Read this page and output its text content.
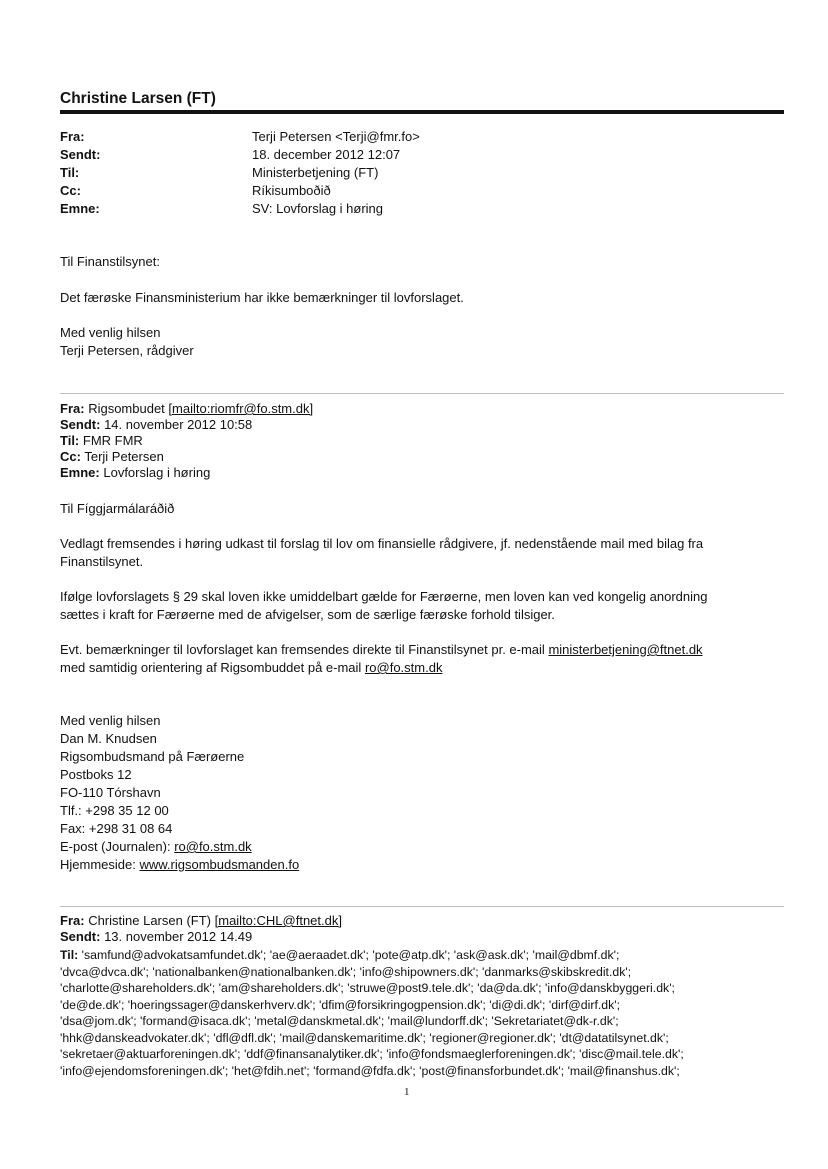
Christine Larsen (FT)
Fra:	Terji Petersen <Terji@fmr.fo>
Sendt:	18. december 2012 12:07
Til:	Ministerbetjening (FT)
Cc:	Ríkisumboðið
Emne:	SV: Lovforslag i høring
Til Finanstilsynet:
Det færøske Finansministerium har ikke bemærkninger til lovforslaget.
Med venlig hilsen
Terji Petersen, rådgiver
Fra: Rigsombudet [mailto:riomfr@fo.stm.dk]
Sendt: 14. november 2012 10:58
Til: FMR FMR
Cc: Terji Petersen
Emne: Lovforslag i høring
Til Fíggjarmálaráðið
Vedlagt fremsendes i høring udkast til forslag til lov om finansielle rådgivere, jf. nedenstående mail med bilag fra
Finanstilsynet.
Ifølge lovforslagets § 29 skal loven ikke umiddelbart gælde for Færøerne, men loven kan ved kongelig anordning
sættes i kraft for Færøerne med de afvigelser, som de særlige færøske forhold tilsiger.
Evt. bemærkninger til lovforslaget kan fremsendes direkte til Finanstilsynet pr. e-mail ministerbetjening@ftnet.dk
med samtidig orientering af Rigsombuddet på e-mail ro@fo.stm.dk
Med venlig hilsen
Dan M. Knudsen
Rigsombudsmand på Færøerne
Postboks 12
FO-110 Tórshavn
Tlf.: +298 35 12 00
Fax: +298 31 08 64
E-post (Journalen): ro@fo.stm.dk
Hjemmeside: www.rigsombudsmanden.fo
Fra: Christine Larsen (FT) [mailto:CHL@ftnet.dk]
Sendt: 13. november 2012 14.49
Til: 'samfund@advokatsamfundet.dk'; 'ae@aeraadet.dk'; 'pote@atp.dk'; 'ask@ask.dk'; 'mail@dbmf.dk';
'dvca@dvca.dk'; 'nationalbanken@nationalbanken.dk'; 'info@shipowners.dk'; 'danmarks@skibskredit.dk';
'charlotte@shareholders.dk'; 'am@shareholders.dk'; 'struwe@post9.tele.dk'; 'da@da.dk'; 'info@danskbyggeri.dk';
'de@de.dk'; 'hoeringssager@danskerhverv.dk'; 'dfim@forsikringogpension.dk'; 'di@di.dk'; 'dirf@dirf.dk';
'dsa@jom.dk'; 'formand@isaca.dk'; 'metal@danskmetal.dk'; 'mail@lundorff.dk'; 'Sekretariatet@dk-r.dk';
'hhk@danskeadvokater.dk'; 'dfl@dfl.dk'; 'mail@danskemaritime.dk'; 'regioner@regioner.dk'; 'dt@datatilsynet.dk';
'sekretaer@aktuarforeningen.dk'; 'ddf@finansanalytiker.dk'; 'info@fondsmaeglerforeningen.dk'; 'disc@mail.tele.dk';
'info@ejendomsforeningen.dk'; 'het@fdih.net'; 'formand@fdfa.dk'; 'post@finansforbundet.dk'; 'mail@finanshus.dk';
1
